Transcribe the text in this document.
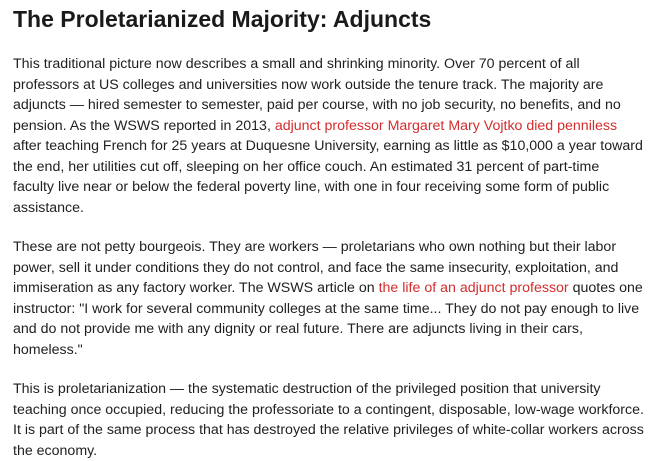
The Proletarianized Majority: Adjuncts

This traditional picture now describes a small and shrinking minority. Over 70 percent of all professors at US colleges and universities now work outside the tenure track. The majority are adjuncts — hired semester to semester, paid per course, with no job security, no benefits, and no pension. As the WSWS reported in 2013, adjunct professor Margaret Mary Vojtko died penniless after teaching French for 25 years at Duquesne University, earning as little as $10,000 a year toward the end, her utilities cut off, sleeping on her office couch. An estimated 31 percent of part-time faculty live near or below the federal poverty line, with one in four receiving some form of public assistance.

These are not petty bourgeois. They are workers — proletarians who own nothing but their labor power, sell it under conditions they do not control, and face the same insecurity, exploitation, and immiseration as any factory worker. The WSWS article on the life of an adjunct professor quotes one instructor: "I work for several community colleges at the same time... They do not pay enough to live and do not provide me with any dignity or real future. There are adjuncts living in their cars, homeless."

This is proletarianization — the systematic destruction of the privileged position that university teaching once occupied, reducing the professoriate to a contingent, disposable, low-wage workforce. It is part of the same process that has destroyed the relative privileges of white-collar workers across the economy.
